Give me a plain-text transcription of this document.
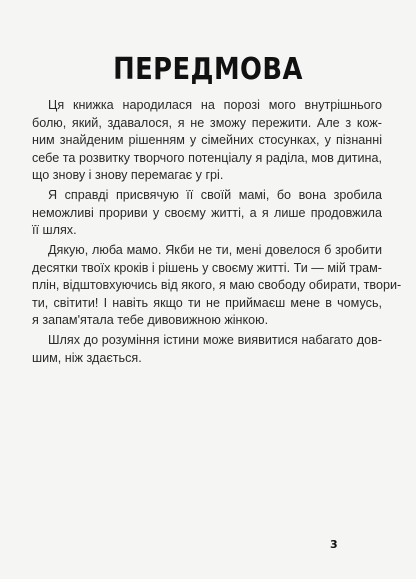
ПЕРЕДМОВА
Ця книжка народилася на порозі мого внутрішнього
болю, який, здавалося, я не зможу пережити. Але з кож-
ним знайденим рішенням у сімейних стосунках, у пізнанні
себе та розвитку творчого потенціалу я раділа, мов дитина,
що знову і знову перемагає у грі.
Я справді присвячую її своїй мамі, бо вона зробила
неможливі прориви у своєму житті, а я лише продовжила
її шлях.
Дякую, люба мамо. Якби не ти, мені довелося б зробити
десятки твоїх кроків і рішень у своєму житті. Ти — мій трам-
плін, відштовхуючись від якого, я маю свободу обирати, твори-
ти, світити! І навіть якщо ти не приймаєш мене в чомусь,
я запам'ятала тебе дивовижною жінкою.
Шлях до розуміння істини може виявитися набагато дов-
шим, ніж здається.
3
